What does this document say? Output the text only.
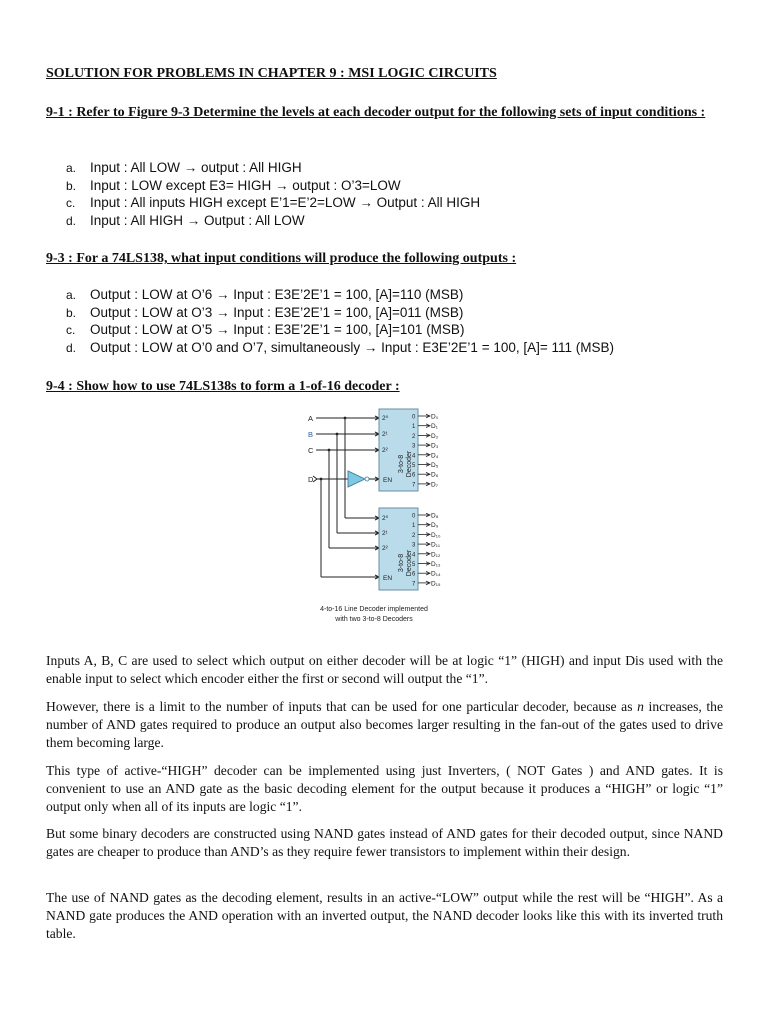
SOLUTION FOR PROBLEMS IN CHAPTER 9 : MSI LOGIC CIRCUITS
9-1 : Refer to Figure 9-3 Determine the levels at each decoder output for the following sets of input conditions :
a. Input : All LOW → output : All HIGH
b. Input : LOW except E3= HIGH → output : O’3=LOW
c. Input : All inputs HIGH except E’1=E’2=LOW → Output : All HIGH
d. Input : All HIGH → Output : All LOW
9-3 : For a 74LS138, what input conditions will produce the following outputs :
a. Output : LOW at O’6 → Input : E3E’2E’1 = 100, [A]=110 (MSB)
b. Output : LOW at O’3 → Input : E3E’2E’1 = 100, [A]=011 (MSB)
c. Output : LOW at O’5 → Input : E3E’2E’1 = 100, [A]=101 (MSB)
d. Output : LOW at O’0 and O’7, simultaneously → Input : E3E’2E’1 = 100, [A]= 111 (MSB)
9-4 : Show how to use 74LS138s to form a 1-of-16 decoder :
A
B
C
D
2⁰
2¹
2²
EN
3-to-8 Decoder
0 D₀
1 D₁
2 D₂
3 D₃
4 D₄
5 D₅
6 D₆
7 D₇
2⁰
2¹
2²
EN
3-to-8 Decoder
0 D₈
1 D₉
2 D₁₀
3 D₁₁
4 D₁₂
5 D₁₃
6 D₁₄
7 D₁₅
4-to-16 Line Decoder implemented
with two 3-to-8 Decoders

Inputs A, B, C are used to select which output on either decoder will be at logic “1” (HIGH) and input Dis used with the enable input to select which encoder either the first or second will output the “1”.

However, there is a limit to the number of inputs that can be used for one particular decoder, because as n increases, the number of AND gates required to produce an output also becomes larger resulting in the fan-out of the gates used to drive them becoming large.

This type of active-“HIGH” decoder can be implemented using just Inverters, ( NOT Gates ) and AND gates. It is convenient to use an AND gate as the basic decoding element for the output because it produces a “HIGH” or logic “1” output only when all of its inputs are logic “1”.

But some binary decoders are constructed using NAND gates instead of AND gates for their decoded output, since NAND gates are cheaper to produce than AND’s as they require fewer transistors to implement within their design.

The use of NAND gates as the decoding element, results in an active-“LOW” output while the rest will be “HIGH”. As a NAND gate produces the AND operation with an inverted output, the NAND decoder looks like this with its inverted truth table.
